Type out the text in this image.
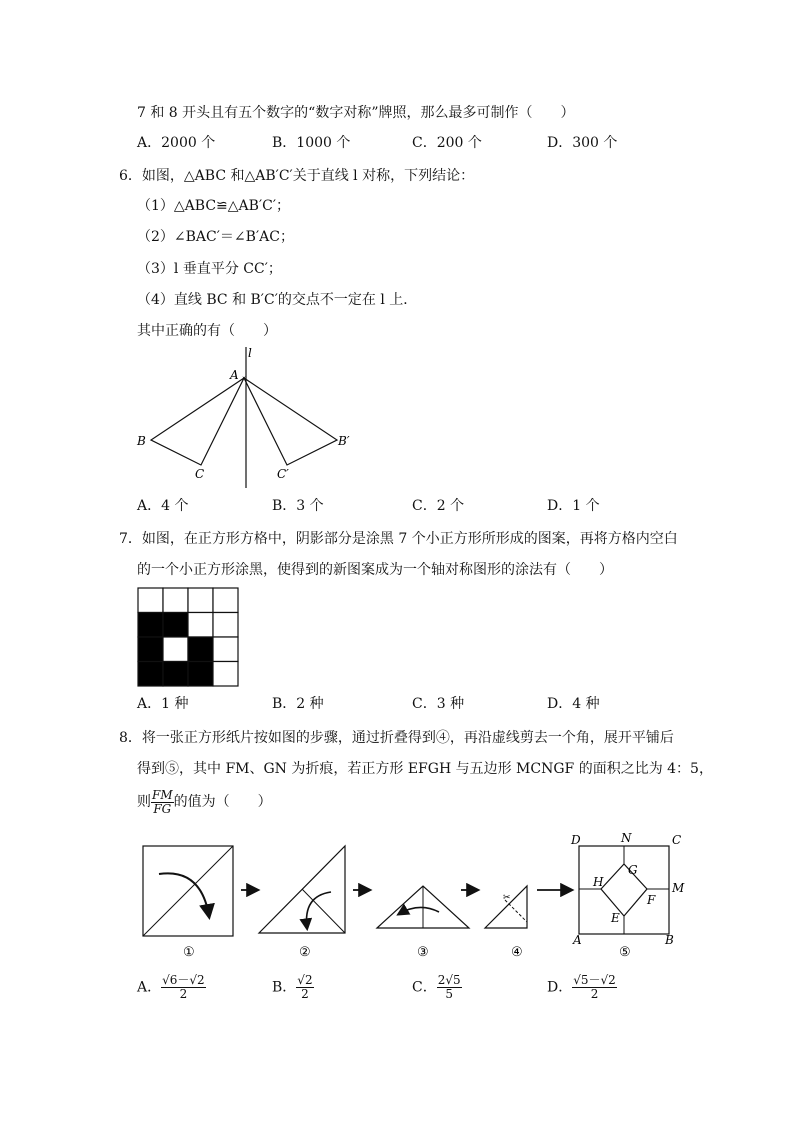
7 和 8 开头且有五个数字的“数字对称”牌照，那么最多可制作（　　）
A．2000 个	B．1000 个	C．200 个	D．300 个
6．如图，△ABC 和△AB′C′关于直线 l 对称，下列结论：
（1）△ABC≌△AB′C′；
（2）∠BAC′＝∠B′AC；
（3）l 垂直平分 CC′；
（4）直线 BC 和 B′C′的交点不一定在 l 上．
其中正确的有（　　）
l
A
B
C
B′
C′
A．4 个	B．3 个	C．2 个	D．1 个
7．如图，在正方形方格中，阴影部分是涂黑 7 个小正方形所形成的图案，再将方格内空白
的一个小正方形涂黑，使得到的新图案成为一个轴对称图形的涂法有（　　）
A．1 种	B．2 种	C．3 种	D．4 种
8．将一张正方形纸片按如图的步骤，通过折叠得到④，再沿虚线剪去一个角，展开平铺后
得到⑤，其中 FM、GN 为折痕，若正方形 EFGH 与五边形 MCNGF 的面积之比为 4：5，
则 $\frac{FM}{FG}$ 的值为（　　）
①	②	③
✂
④
D	N	C
G
H	M
F
E
A	B
⑤
A． $\frac{√6-√2}{2}$	B． $\frac{√2}{2}$	C． $\frac{2√5}{5}$	D． $\frac{√5-√2}{2}$
